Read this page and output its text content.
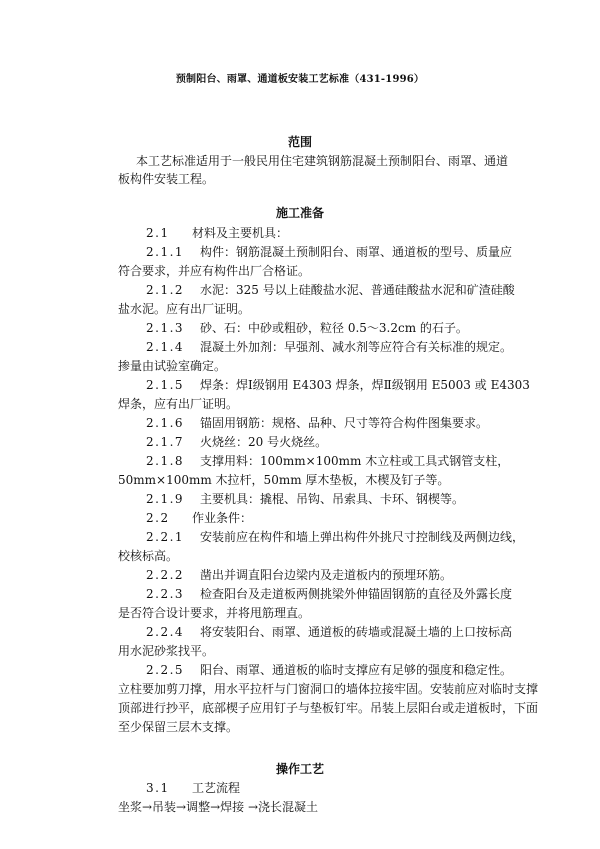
预制阳台、雨罩、通道板安装工艺标准（431-1996）
范围
本工艺标准适用于一般民用住宅建筑钢筋混凝土预制阳台、雨罩、通道
板构件安装工程。
施工准备
2.1 材料及主要机具：
2.1.1 构件：钢筋混凝土预制阳台、雨罩、通道板的型号、质量应
符合要求，并应有构件出厂合格证。
2.1.2 水泥：325 号以上硅酸盐水泥、普通硅酸盐水泥和矿渣硅酸
盐水泥。应有出厂证明。
2.1.3 砂、石：中砂或粗砂，粒径 0.5～3.2cm 的石子。
2.1.4 混凝土外加剂：早强剂、减水剂等应符合有关标准的规定。
掺量由试验室确定。
2.1.5 焊条：焊Ⅰ级钢用 E4303 焊条，焊Ⅱ级钢用 E5003 或 E4303
焊条，应有出厂证明。
2.1.6 锚固用钢筋：规格、品种、尺寸等符合构件图集要求。
2.1.7 火烧丝：20 号火烧丝。
2.1.8 支撑用料：100mm×100mm 木立柱或工具式钢管支柱，
50mm×100mm 木拉杆，50mm 厚木垫板，木楔及钉子等。
2.1.9 主要机具：撬棍、吊钩、吊索具、卡环、钢楔等。
2.2 作业条件：
2.2.1 安装前应在构件和墙上弹出构件外挑尺寸控制线及两侧边线，
校核标高。
2.2.2 凿出并调直阳台边梁内及走道板内的预埋环筋。
2.2.3 检查阳台及走道板两侧挑梁外伸锚固钢筋的直径及外露长度
是否符合设计要求，并将甩筋理直。
2.2.4 将安装阳台、雨罩、通道板的砖墙或混凝土墙的上口按标高
用水泥砂浆找平。
2.2.5 阳台、雨罩、通道板的临时支撑应有足够的强度和稳定性。
立柱要加剪刀撑，用水平拉杆与门窗洞口的墙体拉接牢固。安装前应对临时支撑
顶部进行抄平，底部楔子应用钉子与垫板钉牢。吊装上层阳台或走道板时，下面
至少保留三层木支撑。
操作工艺
3.1 工艺流程
坐浆→吊装→调整→焊接 →浇长混凝土
